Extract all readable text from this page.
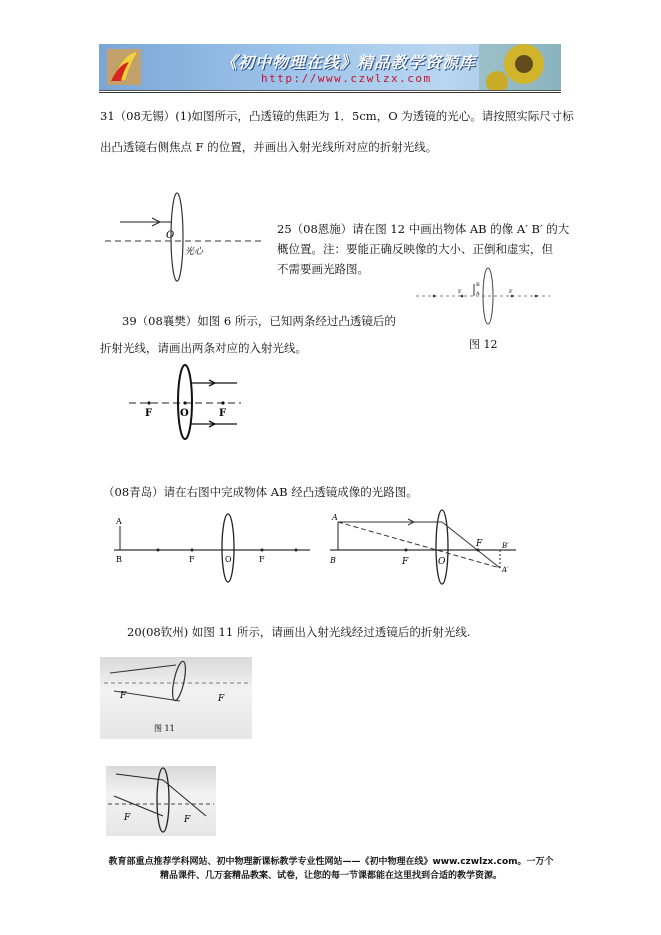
《初中物理在线》精品教学资源库
http://www.czwlzx.com
31（08无锡）(1)如图所示，凸透镜的焦距为 1．5cm，O 为透镜的光心。请按照实际尺寸标
出凸透镜右侧焦点 F 的位置，并画出入射光线所对应的折射光线。
O
光心
25（08恩施）请在图 12 中画出物体 AB 的像 A′ B′ 的大
概位置。注：要能正确反映像的大小、正倒和虚实，但
不需要画光路图。
F
B
A	F
图 12
39（08襄樊）如图 6 所示，已知两条经过凸透镜后的
折射光线，请画出两条对应的入射光线。
F	O	F
（08青岛）请在右图中完成物体 AB 经凸透镜成像的光路图。
A
B	F	O	F
A
B	F	O
F	B′
A′
20(08钦州) 如图 11 所示，请画出入射光线经过透镜后的折射光线.
F	F
图 11
F	F
教育部重点推荐学科网站、初中物理新课标教学专业性网站——《初中物理在线》www.czwlzx.com。一万个
精品课件、几万套精品教案、试卷，让您的每一节课都能在这里找到合适的教学资源。
